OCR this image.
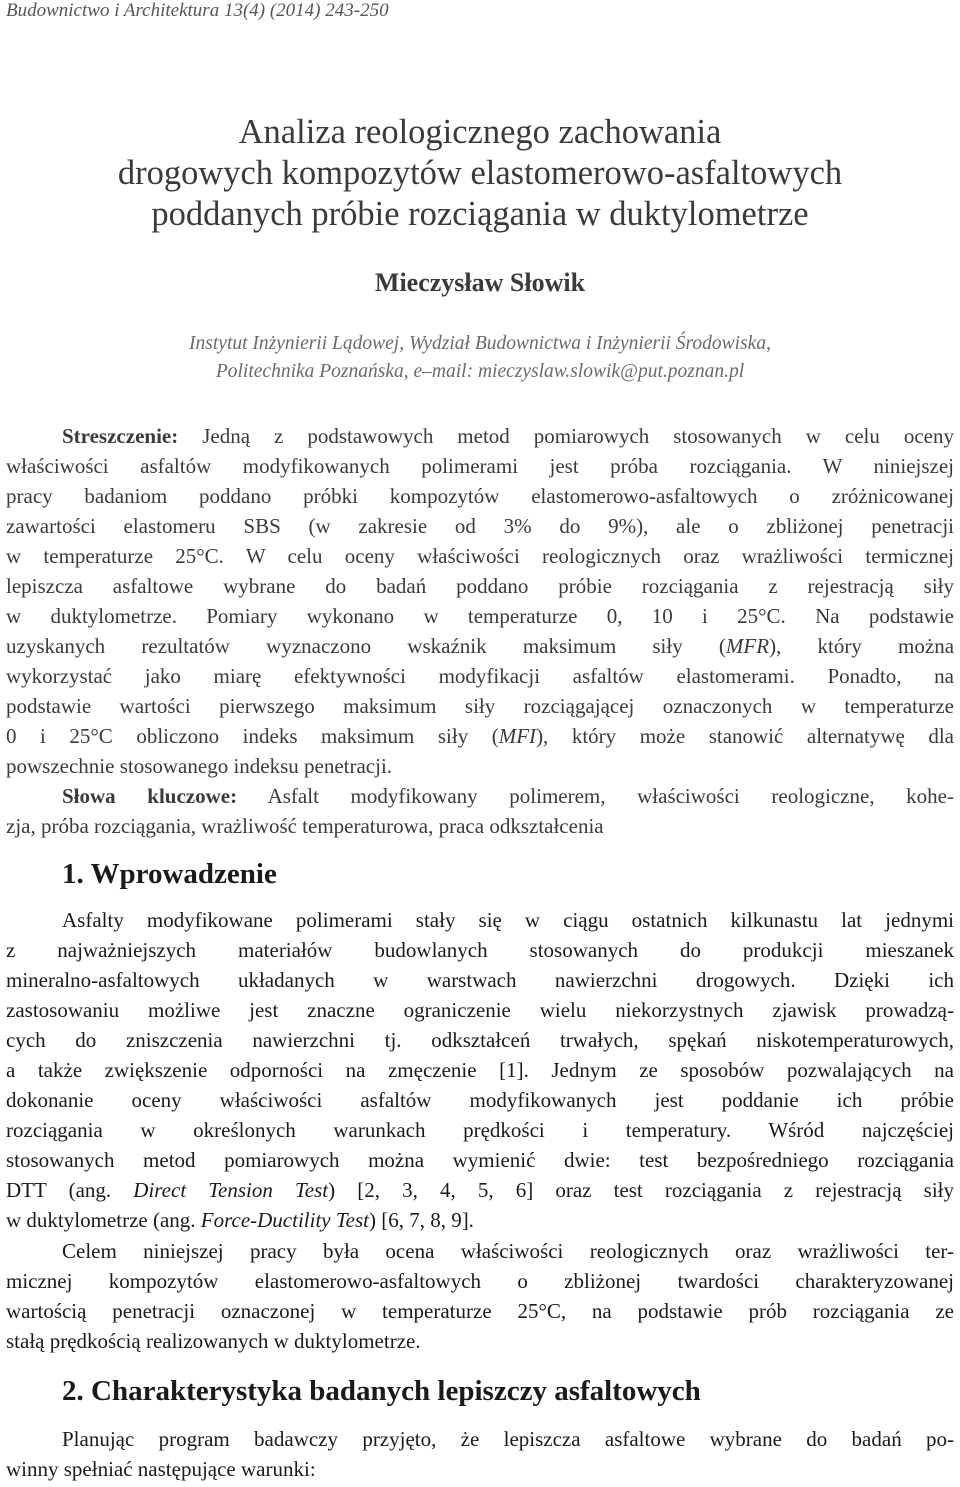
Budownictwo i Architektura 13(4) (2014) 243-250
Analiza reologicznego zachowania
drogowych kompozytów elastomerowo-asfaltowych
poddanych próbie rozciągania w duktylometrze
Mieczysław Słowik
Instytut Inżynierii Lądowej, Wydział Budownictwa i Inżynierii Środowiska,
Politechnika Poznańska, e–mail: mieczyslaw.slowik@put.poznan.pl
Streszczenie: Jedną z podstawowych metod pomiarowych stosowanych w celu oceny
właściwości asfaltów modyfikowanych polimerami jest próba rozciągania. W niniejszej
pracy badaniom poddano próbki kompozytów elastomerowo-asfaltowych o zróżnicowanej
zawartości elastomeru SBS (w zakresie od 3% do 9%), ale o zbliżonej penetracji
w temperaturze 25°C. W celu oceny właściwości reologicznych oraz wrażliwości termicznej
lepiszcza asfaltowe wybrane do badań poddano próbie rozciągania z rejestracją siły
w duktylometrze. Pomiary wykonano w temperaturze 0, 10 i 25°C. Na podstawie
uzyskanych rezultatów wyznaczono wskaźnik maksimum siły (MFR), który można
wykorzystać jako miarę efektywności modyfikacji asfaltów elastomerami. Ponadto, na
podstawie wartości pierwszego maksimum siły rozciągającej oznaczonych w temperaturze
0 i 25°C obliczono indeks maksimum siły (MFI), który może stanowić alternatywę dla
powszechnie stosowanego indeksu penetracji.
Słowa kluczowe: Asfalt modyfikowany polimerem, właściwości reologiczne, kohe-
zja, próba rozciągania, wrażliwość temperaturowa, praca odkształcenia
1. Wprowadzenie
Asfalty modyfikowane polimerami stały się w ciągu ostatnich kilkunastu lat jednymi
z najważniejszych materiałów budowlanych stosowanych do produkcji mieszanek
mineralno-asfaltowych układanych w warstwach nawierzchni drogowych. Dzięki ich
zastosowaniu możliwe jest znaczne ograniczenie wielu niekorzystnych zjawisk prowadzą-
cych do zniszczenia nawierzchni tj. odkształceń trwałych, spękań niskotemperaturowych,
a także zwiększenie odporności na zmęczenie [1]. Jednym ze sposobów pozwalających na
dokonanie oceny właściwości asfaltów modyfikowanych jest poddanie ich próbie
rozciągania w określonych warunkach prędkości i temperatury. Wśród najczęściej
stosowanych metod pomiarowych można wymienić dwie: test bezpośredniego rozciągania
DTT (ang. Direct Tension Test) [2, 3, 4, 5, 6] oraz test rozciągania z rejestracją siły
w duktylometrze (ang. Force-Ductility Test) [6, 7, 8, 9].
Celem niniejszej pracy była ocena właściwości reologicznych oraz wrażliwości ter-
micznej kompozytów elastomerowo-asfaltowych o zbliżonej twardości charakteryzowanej
wartością penetracji oznaczonej w temperaturze 25°C, na podstawie prób rozciągania ze
stałą prędkością realizowanych w duktylometrze.
2. Charakterystyka badanych lepiszczy asfaltowych
Planując program badawczy przyjęto, że lepiszcza asfaltowe wybrane do badań po-
winny spełniać następujące warunki:
